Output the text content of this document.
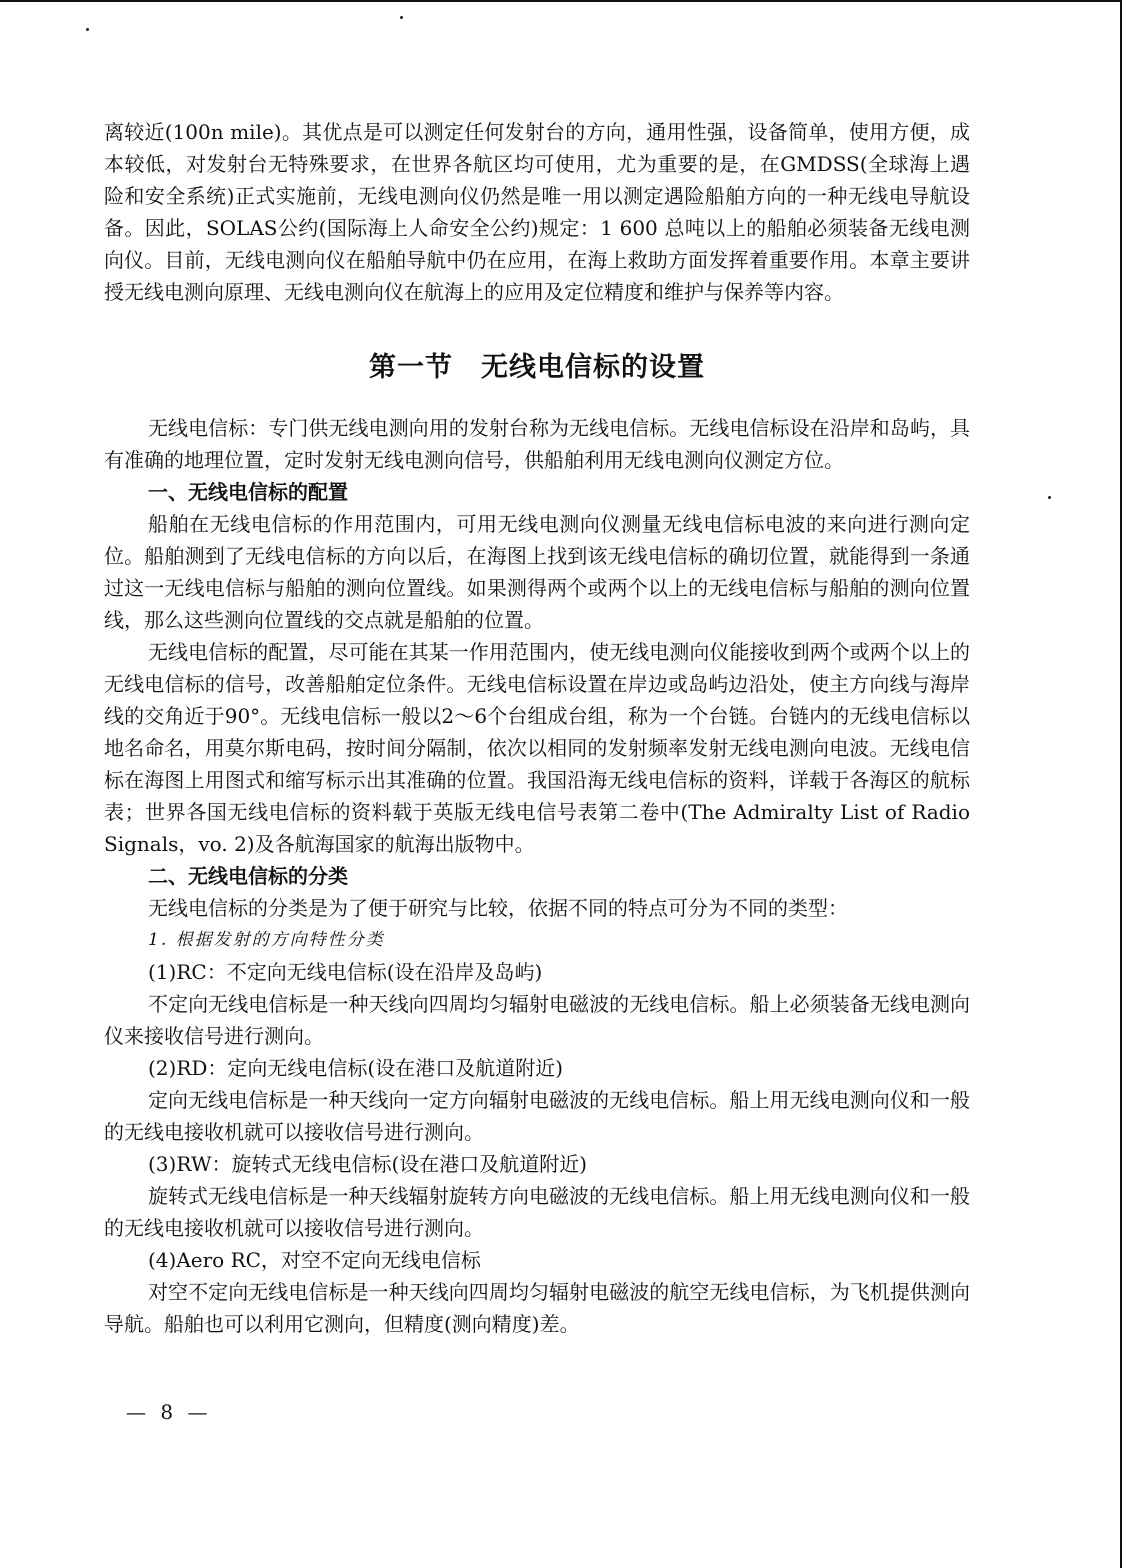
离较近(100n mile)。其优点是可以测定任何发射台的方向，通用性强，设备简单，使用方便，成本较低，对发射台无特殊要求，在世界各航区均可使用，尤为重要的是，在GMDSS(全球海上遇险和安全系统)正式实施前，无线电测向仪仍然是唯一用以测定遇险船舶方向的一种无线电导航设备。因此，SOLAS公约(国际海上人命安全公约)规定：1 600 总吨以上的船舶必须装备无线电测向仪。目前，无线电测向仪在船舶导航中仍在应用，在海上救助方面发挥着重要作用。本章主要讲授无线电测向原理、无线电测向仪在航海上的应用及定位精度和维护与保养等内容。

第一节　无线电信标的设置

无线电信标：专门供无线电测向用的发射台称为无线电信标。无线电信标设在沿岸和岛屿，具有准确的地理位置，定时发射无线电测向信号，供船舶利用无线电测向仪测定方位。

一、无线电信标的配置

船舶在无线电信标的作用范围内，可用无线电测向仪测量无线电信标电波的来向进行测向定位。船舶测到了无线电信标的方向以后，在海图上找到该无线电信标的确切位置，就能得到一条通过这一无线电信标与船舶的测向位置线。如果测得两个或两个以上的无线电信标与船舶的测向位置线，那么这些测向位置线的交点就是船舶的位置。

无线电信标的配置，尽可能在其某一作用范围内，使无线电测向仪能接收到两个或两个以上的无线电信标的信号，改善船舶定位条件。无线电信标设置在岸边或岛屿边沿处，使主方向线与海岸线的交角近于90°。无线电信标一般以2～6个台组成台组，称为一个台链。台链内的无线电信标以地名命名，用莫尔斯电码，按时间分隔制，依次以相同的发射频率发射无线电测向电波。无线电信标在海图上用图式和缩写标示出其准确的位置。我国沿海无线电信标的资料，详载于各海区的航标表；世界各国无线电信标的资料载于英版无线电信号表第二卷中(The Admiralty List of Radio Signals，vo. 2)及各航海国家的航海出版物中。

二、无线电信标的分类

无线电信标的分类是为了便于研究与比较，依据不同的特点可分为不同的类型：

1. 根据发射的方向特性分类

(1)RC：不定向无线电信标(设在沿岸及岛屿)

不定向无线电信标是一种天线向四周均匀辐射电磁波的无线电信标。船上必须装备无线电测向仪来接收信号进行测向。

(2)RD：定向无线电信标(设在港口及航道附近)

定向无线电信标是一种天线向一定方向辐射电磁波的无线电信标。船上用无线电测向仪和一般的无线电接收机就可以接收信号进行测向。

(3)RW：旋转式无线电信标(设在港口及航道附近)

旋转式无线电信标是一种天线辐射旋转方向电磁波的无线电信标。船上用无线电测向仪和一般的无线电接收机就可以接收信号进行测向。

(4)Aero RC，对空不定向无线电信标

对空不定向无线电信标是一种天线向四周均匀辐射电磁波的航空无线电信标，为飞机提供测向导航。船舶也可以利用它测向，但精度(测向精度)差。

— 8 —
